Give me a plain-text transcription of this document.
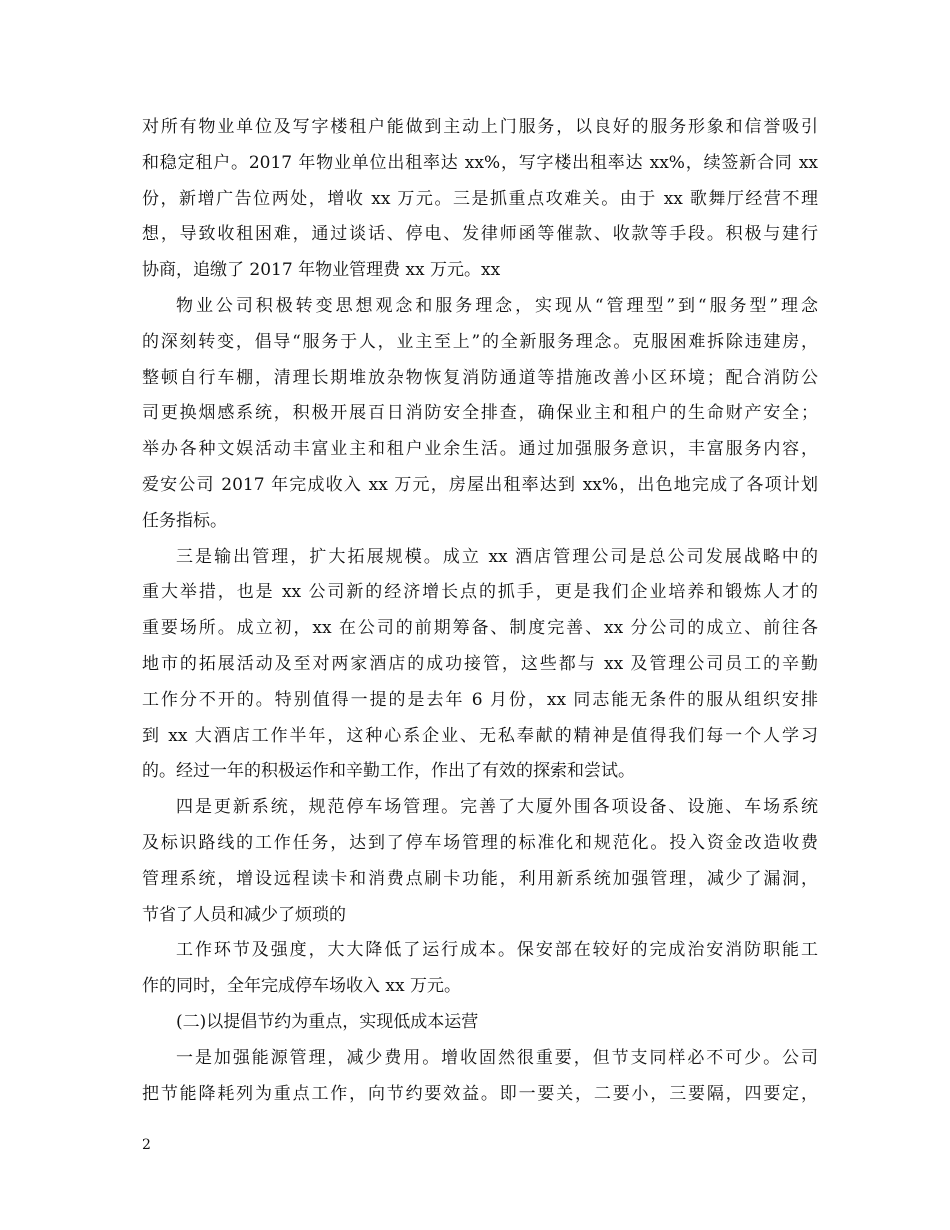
对所有物业单位及写字楼租户能做到主动上门服务，以良好的服务形象和信誉吸引
和稳定租户。2017 年物业单位出租率达 xx%，写字楼出租率达 xx%，续签新合同 xx
份，新增广告位两处，增收 xx 万元。三是抓重点攻难关。由于 xx 歌舞厅经营不理
想，导致收租困难，通过谈话、停电、发律师函等催款、收款等手段。积极与建行
协商，追缴了 2017 年物业管理费 xx 万元。xx
物业公司积极转变思想观念和服务理念，实现从“管理型”到“服务型”理念
的深刻转变，倡导“服务于人，业主至上”的全新服务理念。克服困难拆除违建房，
整顿自行车棚，清理长期堆放杂物恢复消防通道等措施改善小区环境；配合消防公
司更换烟感系统，积极开展百日消防安全排查，确保业主和租户的生命财产安全；
举办各种文娱活动丰富业主和租户业余生活。通过加强服务意识，丰富服务内容，
爱安公司 2017 年完成收入 xx 万元，房屋出租率达到 xx%，出色地完成了各项计划
任务指标。
三是输出管理，扩大拓展规模。成立 xx 酒店管理公司是总公司发展战略中的
重大举措，也是 xx 公司新的经济增长点的抓手，更是我们企业培养和锻炼人才的
重要场所。成立初，xx 在公司的前期筹备、制度完善、xx 分公司的成立、前往各
地市的拓展活动及至对两家酒店的成功接管，这些都与 xx 及管理公司员工的辛勤
工作分不开的。特别值得一提的是去年 6 月份，xx 同志能无条件的服从组织安排
到 xx 大酒店工作半年，这种心系企业、无私奉献的精神是值得我们每一个人学习
的。经过一年的积极运作和辛勤工作，作出了有效的探索和尝试。
四是更新系统，规范停车场管理。完善了大厦外围各项设备、设施、车场系统
及标识路线的工作任务，达到了停车场管理的标准化和规范化。投入资金改造收费
管理系统，增设远程读卡和消费点刷卡功能，利用新系统加强管理，减少了漏洞，
节省了人员和减少了烦琐的
工作环节及强度，大大降低了运行成本。保安部在较好的完成治安消防职能工
作的同时，全年完成停车场收入 xx 万元。
(二)以提倡节约为重点，实现低成本运营
一是加强能源管理，减少费用。增收固然很重要，但节支同样必不可少。公司
把节能降耗列为重点工作，向节约要效益。即一要关，二要小，三要隔，四要定，
2
